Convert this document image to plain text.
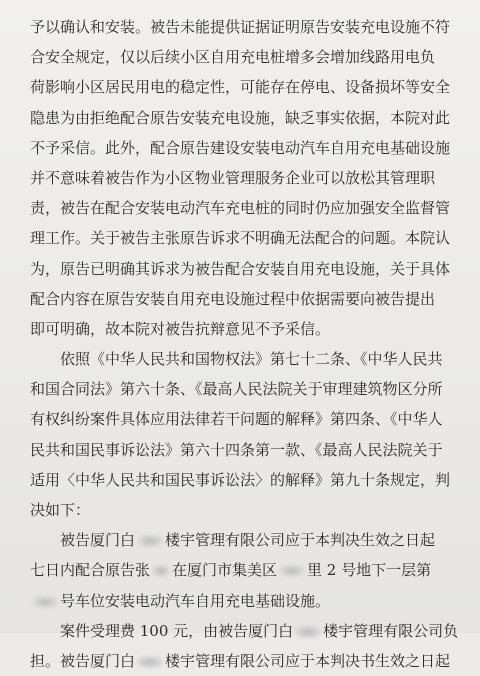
予以确认和安装。被告未能提供证据证明原告安装充电设施不符
合安全规定，仅以后续小区自用充电桩增多会增加线路用电负
荷影响小区居民用电的稳定性，可能存在停电、设备损坏等安全
隐患为由拒绝配合原告安装充电设施，缺乏事实依据，本院对此
不予采信。此外，配合原告建设安装电动汽车自用充电基础设施
并不意味着被告作为小区物业管理服务企业可以放松其管理职
责，被告在配合安装电动汽车充电桩的同时仍应加强安全监督管
理工作。关于被告主张原告诉求不明确无法配合的问题。本院认
为，原告已明确其诉求为被告配合安装自用充电设施，关于具体
配合内容在原告安装自用充电设施过程中依据需要向被告提出
即可明确，故本院对被告抗辩意见不予采信。
依照《中华人民共和国物权法》第七十二条、《中华人民共
和国合同法》第六十条、《最高人民法院关于审理建筑物区分所
有权纠纷案件具体应用法律若干问题的解释》第四条、《中华人
民共和国民事诉讼法》第六十四条第一款、《最高人民法院关于
适用〈中华人民共和国民事诉讼法〉的解释》第九十条规定，判
决如下：
被告厦门白 楼宇管理有限公司应于本判决生效之日起
七日内配合原告张 在厦门市集美区 里 2 号地下一层第
号车位安装电动汽车自用充电基础设施。
案件受理费 100 元，由被告厦门白 楼宇管理有限公司负
担。被告厦门白 楼宇管理有限公司应于本判决书生效之日起
